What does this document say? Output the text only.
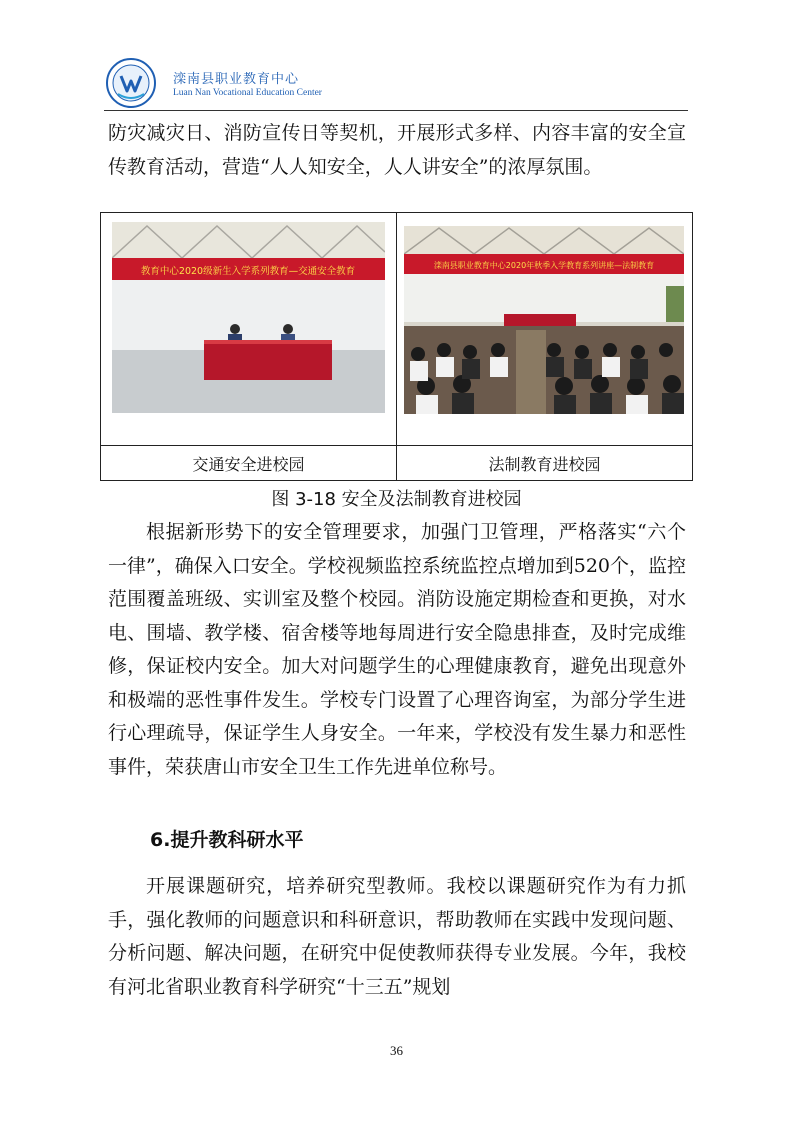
滦南县职业教育中心
Luan Nan Vocational Education Center

防灾减灾日、消防宣传日等契机，开展形式多样、内容丰富的安全宣传教育活动，营造“人人知安全，人人讲安全”的浓厚氛围。

教育中心2020级新生入学系列教育—交通安全教育	滦南县职业教育中心2020年秋季入学教育系列讲座—法制教育

交通安全进校园	法制教育进校园
图 3-18 安全及法制教育进校园

根据新形势下的安全管理要求，加强门卫管理，严格落实“六个一律”，确保入口安全。学校视频监控系统监控点增加到520个，监控范围覆盖班级、实训室及整个校园。消防设施定期检查和更换，对水电、围墙、教学楼、宿舍楼等地每周进行安全隐患排查，及时完成维修，保证校内安全。加大对问题学生的心理健康教育，避免出现意外和极端的恶性事件发生。学校专门设置了心理咨询室，为部分学生进行心理疏导，保证学生人身安全。一年来，学校没有发生暴力和恶性事件，荣获唐山市安全卫生工作先进单位称号。

6.提升教科研水平

开展课题研究，培养研究型教师。我校以课题研究作为有力抓手，强化教师的问题意识和科研意识，帮助教师在实践中发现问题、分析问题、解决问题，在研究中促使教师获得专业发展。今年，我校有河北省职业教育科学研究“十三五”规划

36
